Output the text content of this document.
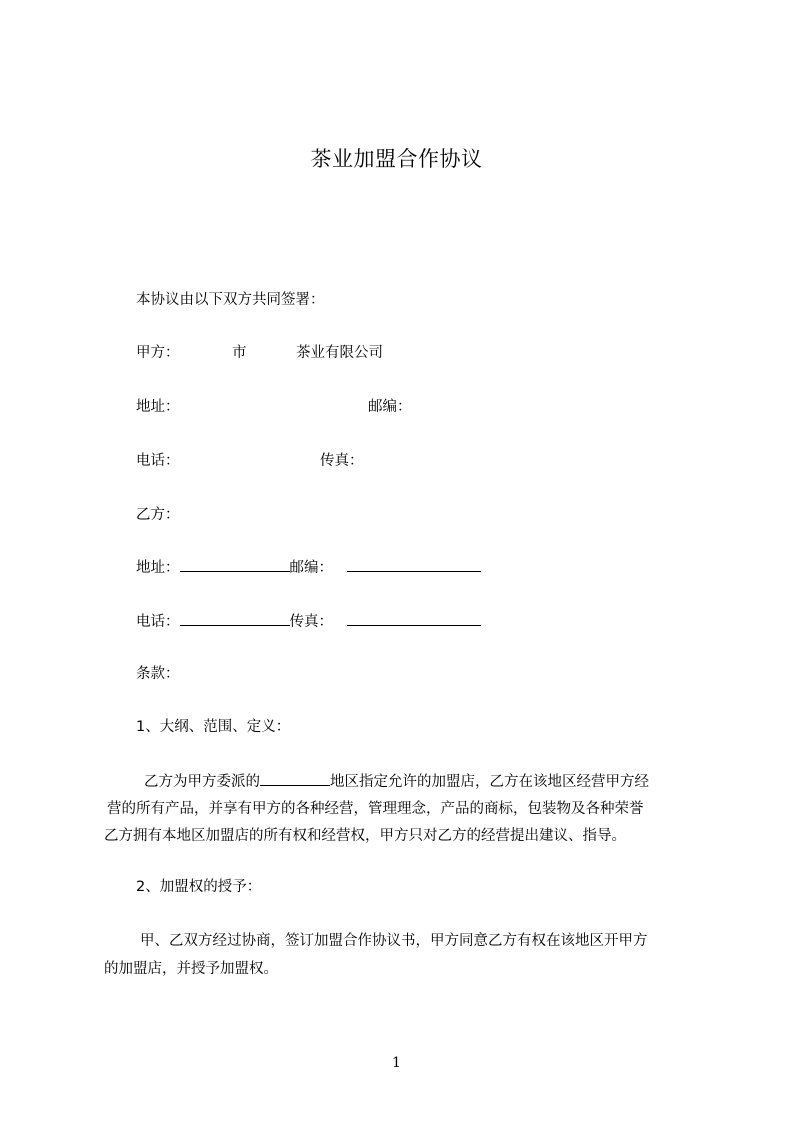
茶业加盟合作协议
本协议由以下双方共同签署：
甲方：	市	茶业有限公司
地址：	邮编：
电话：	传真：
乙方：
地址：	邮编：
电话：	传真：
条款：
1、大纲、范围、定义：
乙方为甲方委派的	地区指定允许的加盟店，乙方在该地区经营甲方经
营的所有产品，并享有甲方的各种经营，管理理念，产品的商标，包装物及各种荣誉
乙方拥有本地区加盟店的所有权和经营权，甲方只对乙方的经营提出建议、指导。
2、加盟权的授予：
甲、乙双方经过协商，签订加盟合作协议书，甲方同意乙方有权在该地区开甲方
的加盟店，并授予加盟权。
1
